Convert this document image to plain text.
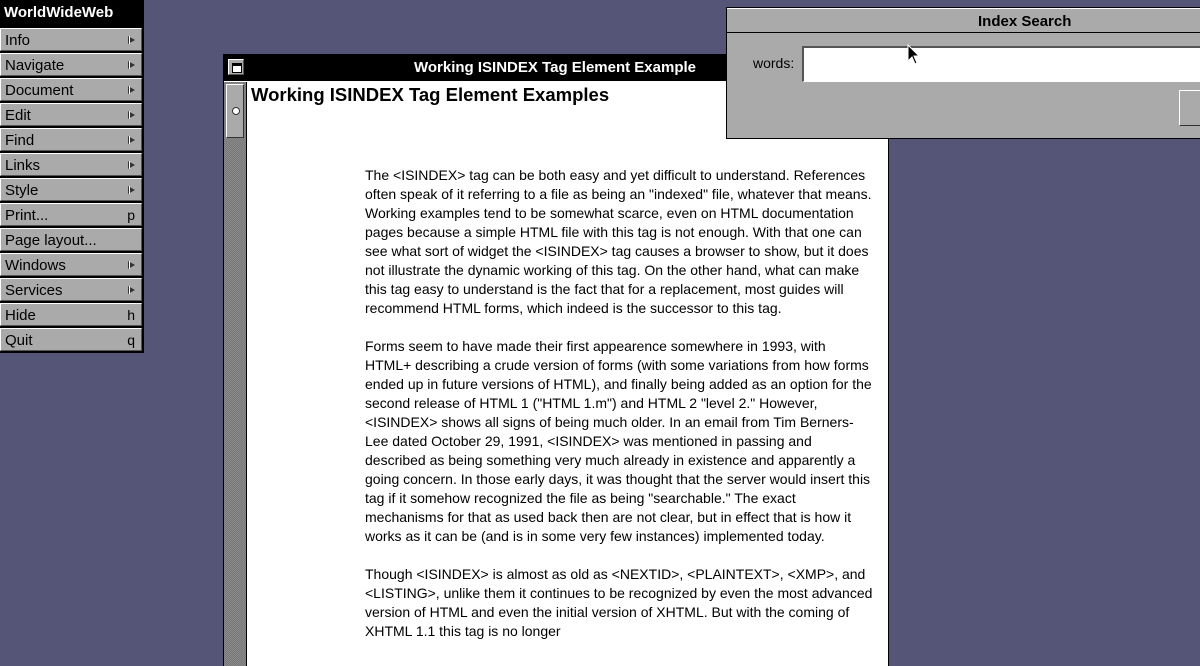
WorldWideWeb
Info
Navigate
Document
Edit
Find
Links
Style
Print...	p
Page layout...
Windows
Services
Hide	h
Quit	q
Working ISINDEX Tag Element Example
Working ISINDEX Tag Element Examples

The <ISINDEX> tag can be both easy and yet difficult to understand. References often speak of it referring to a file as being an "indexed" file, whatever that means. Working examples tend to be somewhat scarce, even on HTML documentation pages because a simple HTML file with this tag is not enough. With that one can see what sort of widget the <ISINDEX> tag causes a browser to show, but it does not illustrate the dynamic working of this tag. On the other hand, what can make this tag easy to understand is the fact that for a replacement, most guides will recommend HTML forms, which indeed is the successor to this tag.

Forms seem to have made their first appearence somewhere in 1993, with HTML+ describing a crude version of forms (with some variations from how forms ended up in future versions of HTML), and finally being added as an option for the second release of HTML 1 ("HTML 1.m") and HTML 2 "level 2." However, <ISINDEX> shows all signs of being much older. In an email from Tim Berners-Lee dated October 29, 1991, <ISINDEX> was mentioned in passing and described as being something very much already in existence and apparently a going concern. In those early days, it was thought that the server would insert this tag if it somehow recognized the file as being "searchable." The exact mechanisms for that as used back then are not clear, but in effect that is how it works as it can be (and is in some very few instances) implemented today.

Though <ISINDEX> is almost as old as <NEXTID>, <PLAINTEXT>, <XMP>, and <LISTING>, unlike them it continues to be recognized by even the most advanced version of HTML and even the initial version of XHTML. But with the coming of XHTML 1.1 this tag is no longer

Index Search
words:
